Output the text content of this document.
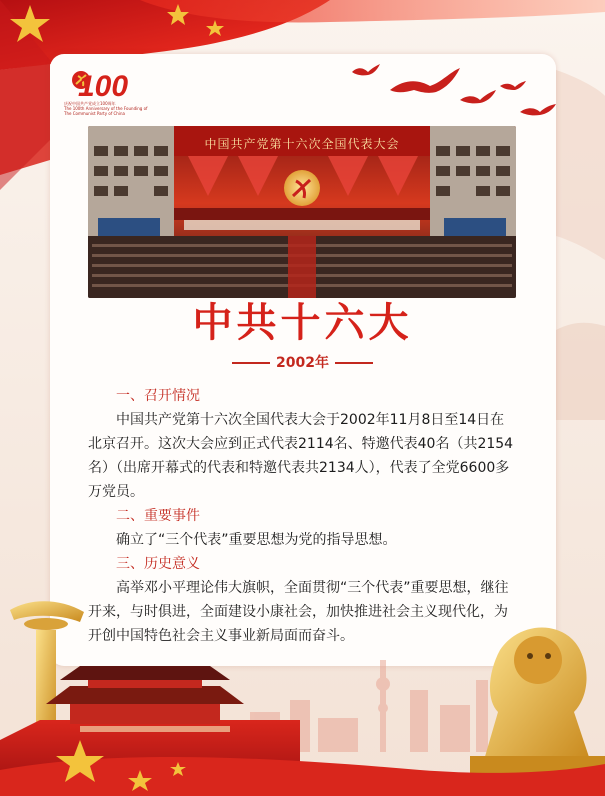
100
庆祝中国共产党成立100周年
The 100th Anniversary of the Founding of
The Communist Party of China
中国共产党第十六次全国代表大会
中共十六大
2002年
一、召开情况

中国共产党第十六次全国代表大会于2002年11月8日至14日在北京召开。这次大会应到正式代表2114名、特邀代表40名（共2154名）（出席开幕式的代表和特邀代表共2134人），代表了全党6600多万党员。

二、重要事件

确立了“三个代表”重要思想为党的指导思想。

三、历史意义

高举邓小平理论伟大旗帜，全面贯彻“三个代表”重要思想，继往开来，与时俱进，全面建设小康社会，加快推进社会主义现代化，为开创中国特色社会主义事业新局面而奋斗。
